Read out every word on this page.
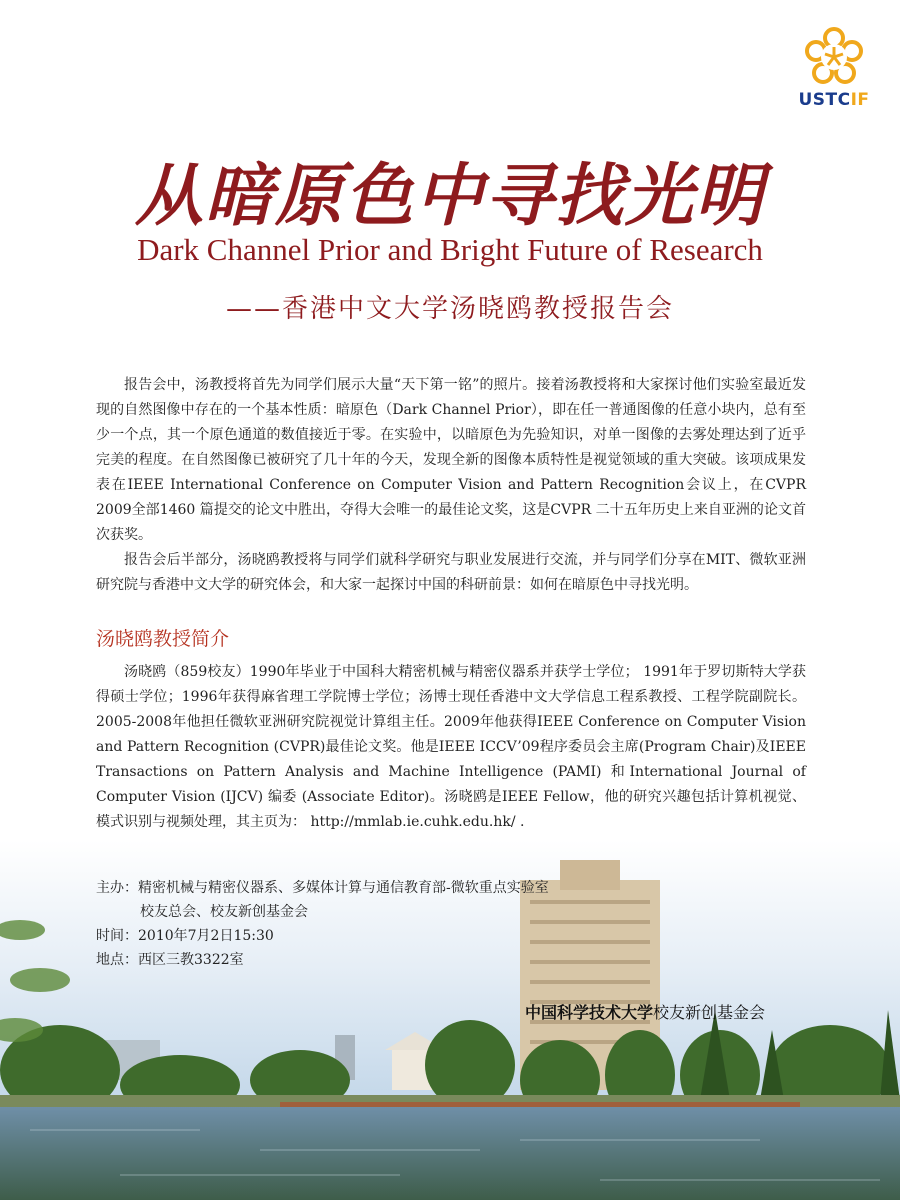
USTCIF
从暗原色中寻找光明
Dark Channel Prior and Bright Future of Research
——香港中文大学汤晓鸥教授报告会

报告会中，汤教授将首先为同学们展示大量“天下第一铭”的照片。接着汤教授将和大家探讨他们实验室最近发现的自然图像中存在的一个基本性质：暗原色（Dark Channel Prior），即在任一普通图像的任意小块内，总有至少一个点，其一个原色通道的数值接近于零。在实验中，以暗原色为先验知识，对单一图像的去雾处理达到了近乎完美的程度。在自然图像已被研究了几十年的今天，发现全新的图像本质特性是视觉领域的重大突破。该项成果发表在IEEE International Conference on Computer Vision and Pattern Recognition会议上，在CVPR 2009全部1460 篇提交的论文中胜出，夺得大会唯一的最佳论文奖，这是CVPR 二十五年历史上来自亚洲的论文首次获奖。

报告会后半部分，汤晓鸥教授将与同学们就科学研究与职业发展进行交流，并与同学们分享在MIT、微软亚洲研究院与香港中文大学的研究体会，和大家一起探讨中国的科研前景：如何在暗原色中寻找光明。

汤晓鸥教授简介

汤晓鸥（859校友）1990年毕业于中国科大精密机械与精密仪器系并获学士学位； 1991年于罗切斯特大学获得硕士学位；1996年获得麻省理工学院博士学位；汤博士现任香港中文大学信息工程系教授、工程学院副院长。2005-2008年他担任微软亚洲研究院视觉计算组主任。2009年他获得IEEE Conference on Computer Vision and Pattern Recognition (CVPR)最佳论文奖。他是IEEE ICCV’09程序委员会主席(Program Chair)及IEEE Transactions on Pattern Analysis and Machine Intelligence (PAMI) 和International Journal of Computer Vision (IJCV) 编委 (Associate Editor)。汤晓鸥是IEEE Fellow，他的研究兴趣包括计算机视觉、模式识别与视频处理，其主页为： http://mmlab.ie.cuhk.edu.hk/ .

主办：精密机械与精密仪器系、多媒体计算与通信教育部-微软重点实验室
校友总会、校友新创基金会
时间：2010年7月2日15:30
地点：西区三教3322室
中国科学技术大学校友新创基金会
